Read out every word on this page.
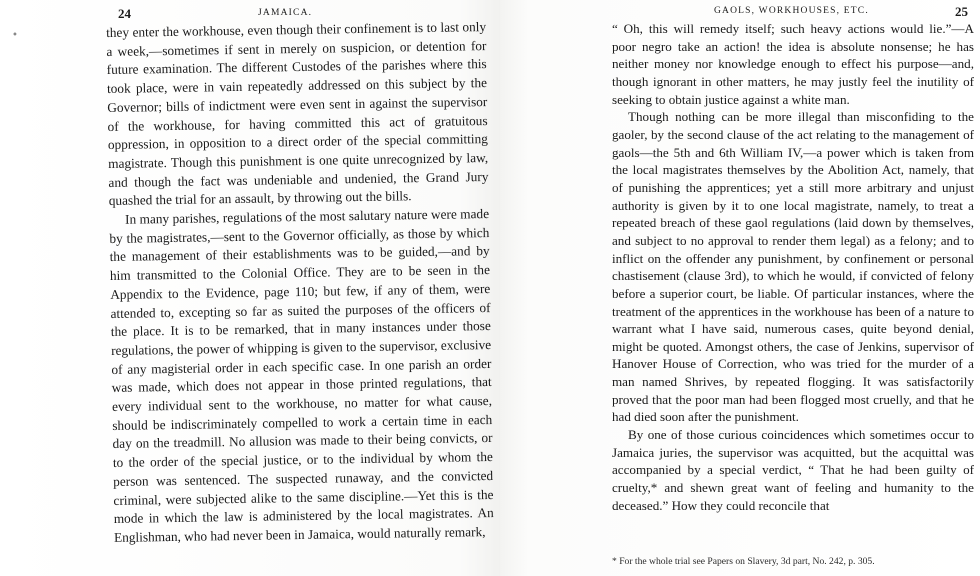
24	JAMAICA.
•	they enter the workhouse, even though their confinement is to last only a week,—sometimes if sent in merely on suspicion, or detention for future examination. The different Custodes of the parishes where this took place, were in vain repeatedly addressed on this subject by the Governor; bills of indictment were even sent in against the supervisor of the workhouse, for having committed this act of gratuitous oppression, in opposition to a direct order of the special committing magistrate. Though this punishment is one quite unrecognized by law, and though the fact was undeniable and undenied, the Grand Jury quashed the trial for an assault, by throwing out the bills.

In many parishes, regulations of the most salutary nature were made by the magistrates,—sent to the Governor officially, as those by which the management of their establishments was to be guided,—and by him transmitted to the Colonial Office. They are to be seen in the Appendix to the Evidence, page 110; but few, if any of them, were attended to, excepting so far as suited the purposes of the officers of the place. It is to be remarked, that in many instances under those regulations, the power of whipping is given to the supervisor, exclusive of any magisterial order in each specific case. In one parish an order was made, which does not appear in those printed regulations, that every individual sent to the workhouse, no matter for what cause, should be indiscriminately compelled to work a certain time in each day on the treadmill. No allusion was made to their being convicts, or to the order of the special justice, or to the individual by whom the person was sentenced. The suspected runaway, and the convicted criminal, were subjected alike to the same discipline.—Yet this is the mode in which the law is administered by the local magistrates. An Englishman, who had never been in Jamaica, would naturally remark,

GAOLS, WORKHOUSES, ETC.	25

“ Oh, this will remedy itself; such heavy actions would lie.”—A poor negro take an action! the idea is absolute nonsense; he has neither money nor knowledge enough to effect his purpose—and, though ignorant in other matters, he may justly feel the inutility of seeking to obtain justice against a white man.

Though nothing can be more illegal than misconfiding to the gaoler, by the second clause of the act relating to the management of gaols—the 5th and 6th William IV,—a power which is taken from the local magistrates themselves by the Abolition Act, namely, that of punishing the apprentices; yet a still more arbitrary and unjust authority is given by it to one local magistrate, namely, to treat a repeated breach of these gaol regulations (laid down by themselves, and subject to no approval to render them legal) as a felony; and to inflict on the offender any punishment, by confinement or personal chastisement (clause 3rd), to which he would, if convicted of felony before a superior court, be liable. Of particular instances, where the treatment of the apprentices in the workhouse has been of a nature to warrant what I have said, numerous cases, quite beyond denial, might be quoted. Amongst others, the case of Jenkins, supervisor of Hanover House of Correction, who was tried for the murder of a man named Shrives, by repeated flogging. It was satisfactorily proved that the poor man had been flogged most cruelly, and that he had died soon after the punishment.

By one of those curious coincidences which sometimes occur to Jamaica juries, the supervisor was acquitted, but the acquittal was accompanied by a special verdict, “ That he had been guilty of cruelty,* and shewn great want of feeling and humanity to the deceased.” How they could reconcile that

* For the whole trial see Papers on Slavery, 3d part, No. 242, p. 305.
